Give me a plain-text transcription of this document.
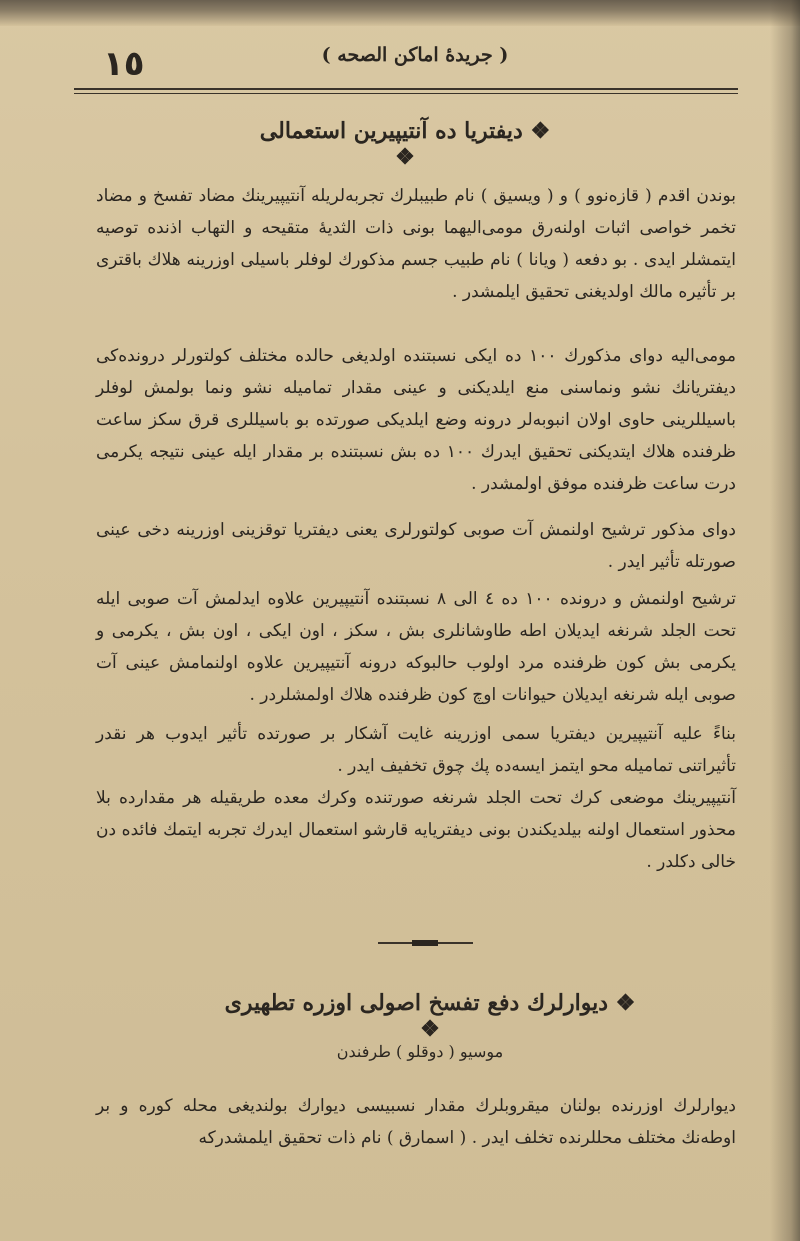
١٥	( جريدهٔ اماكن الصحه )
❖ ديفتريا ده آنتيپيرين استعمالى ❖
بوندن اقدم ( قازه‌نوو ) و ( ويسيق ) نام طبيبلرك تجربه‌لريله آنتيپيرينك مضاد تفسخ و مضاد تخمر خواصى اثبات اولنه‌رق مومى‌اليهما بونى ذات الثديهٔ متقيحه و التهاب اذنده توصيه ايتمشلر ايدى . بو دفعه ( ويانا ) نام طبيب جسم مذكورك لوفلر باسيلى اوزرينه هلاك باقترى بر تأثيره مالك اولديغنى تحقيق ايلمشدر .
مومى‌اليه دواى مذكورك ١٠٠ ده ايكى نسبتنده اولديغى حالده مختلف كولتورلر درونده‌كى ديفتريانك نشو ونماسنى منع ايلديكنى و عينى مقدار تماميله نشو ونما بولمش لوفلر باسيللرينى حاوى اولان انبوبه‌لر درونه وضع ايلديكى صورتده بو باسيللرى قرق سكز ساعت ظرفنده هلاك ايتديكنى تحقيق ايدرك ١٠٠ ده بش نسبتنده بر مقدار ايله عينى نتيجه يكرمى درت ساعت ظرفنده موفق اولمشدر .
دواى مذكور ترشيح اولنمش آت صوبى كولتورلرى يعنى ديفتريا توقزينى اوزرينه دخى عينى صورتله تأثير ايدر .
ترشيح اولنمش و درونده ١٠٠ ده ٤ الى ٨ نسبتنده آنتيپيرين علاوه ايدلمش آت صوبى ايله تحت الجلد شرنغه ايديلان اطه طاوشانلرى بش ، سكز ، اون ايكى ، اون بش ، يكرمى و يكرمى بش كون ظرفنده مرد اولوب حالبوكه درونه آنتيپيرين علاوه اولنمامش عينى آت صوبى ايله شرنغه ايديلان حيوانات اوچ كون ظرفنده هلاك اولمشلردر .
بناءً عليه آنتيپيرين ديفتريا سمى اوزرينه غايت آشكار بر صورتده تأثير ايدوب هر نقدر تأثيراتنى تماميله محو ايتمز ايسه‌ده پك چوق تخفيف ايدر .
آنتيپيرينك موضعى كرك تحت الجلد شرنغه صورتنده وكرك معده طريقيله هر مقدارده بلا محذور استعمال اولنه بيلديكندن بونى ديفتريايه قارشو استعمال ايدرك تجربه ايتمك فائده دن خالى دكلدر .
❖ ديوارلرك دفع تفسخ اصولى اوزره تطهيرى ❖
موسيو ( دوقلو ) طرفندن
ديوارلرك اوزرنده بولنان ميقروبلرك مقدار نسبيسى ديوارك بولنديغى محله كوره و بر اوطه‌نك مختلف محللرنده تخلف ايدر . ( اسمارق ) نام ذات تحقيق ايلمشدركه
